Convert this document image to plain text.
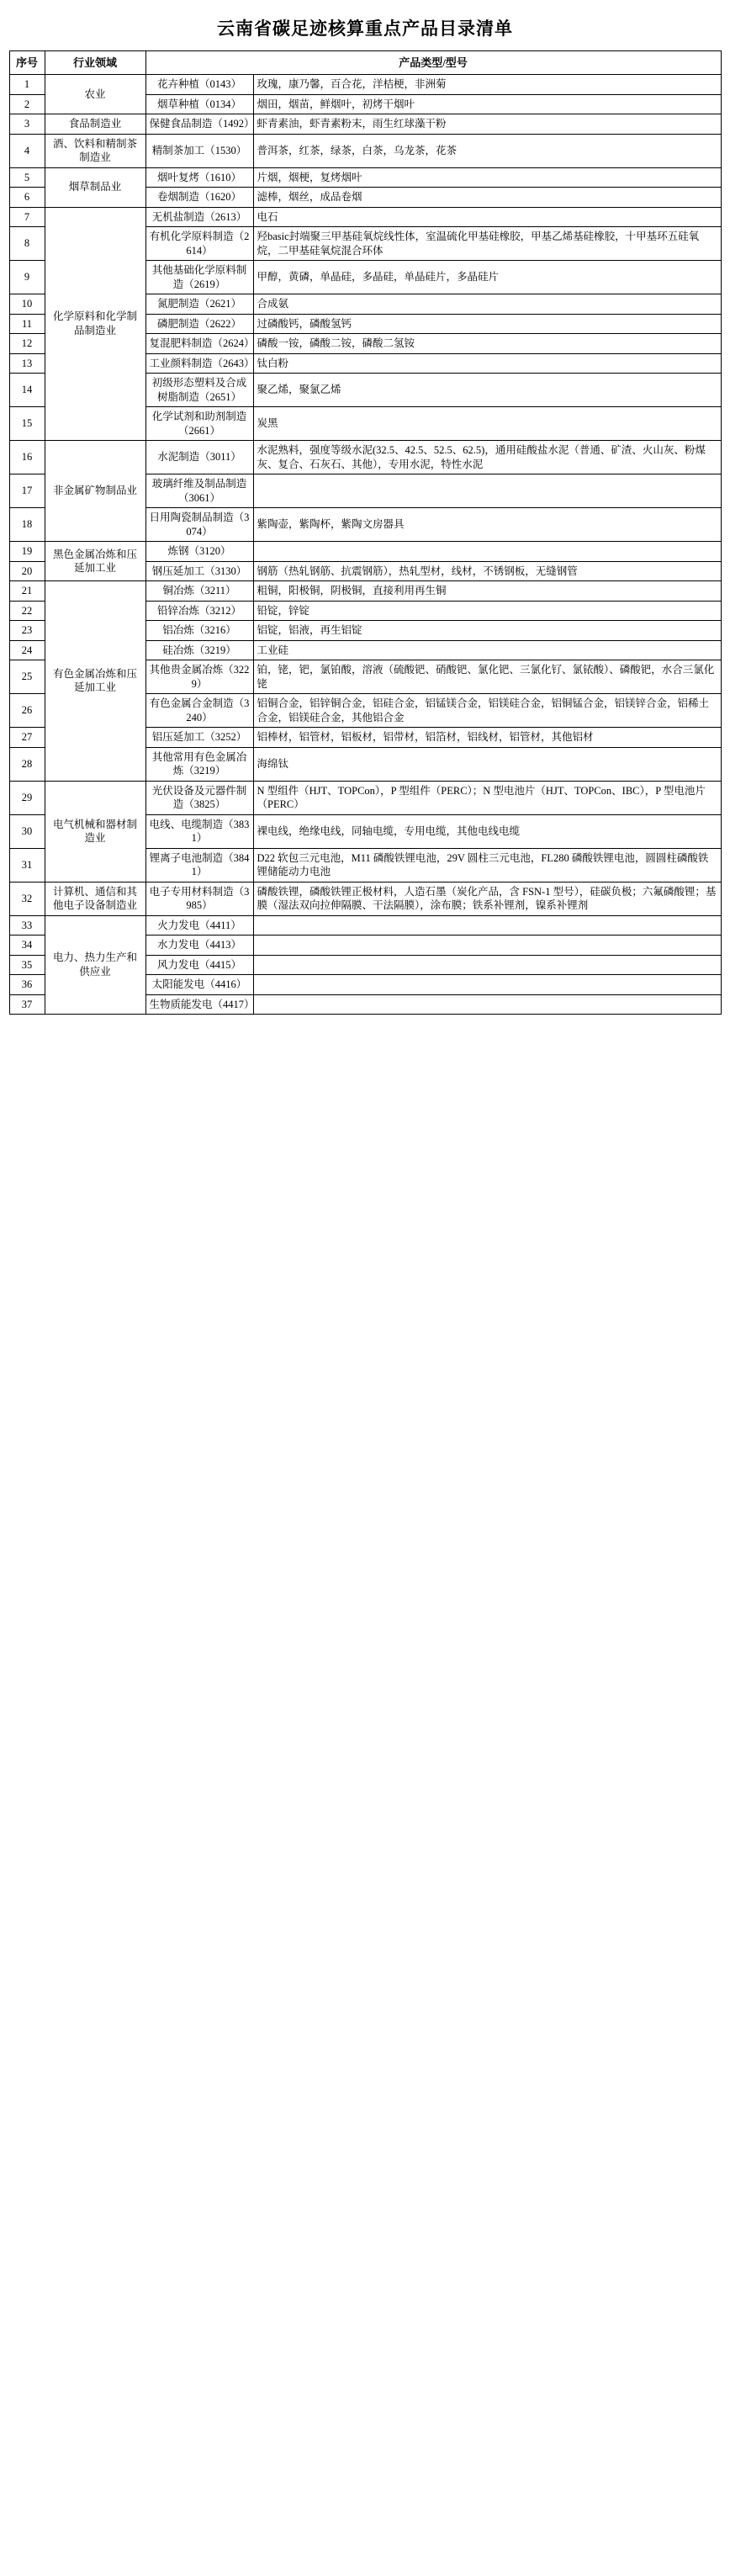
云南省碳足迹核算重点产品目录清单
序号	行业领域	产品类型/型号	
1	农业	花卉种植（0143）	玫瑰，康乃馨，百合花，洋桔梗，非洲菊
2		烟草种植（0134）	烟田，烟苗，鲜烟叶，初烤干烟叶
3	食品制造业	保健食品制造（1492）	虾青素油，虾青素粉末，雨生红球藻干粉
4	酒、饮料和精制茶制造业	精制茶加工（1530）	普洱茶，红茶，绿茶，白茶，乌龙茶，花茶
5	烟草制品业	烟叶复烤（1610）	片烟，烟梗，复烤烟叶
6		卷烟制造（1620）	滤棒，烟丝，成品卷烟
7	化学原料和化学制品制造业	无机盐制造（2613）	电石
8		有机化学原料制造（2614）	羟basic封端聚三甲基硅氧烷线性体，室温硫化甲基硅橡胶，甲基乙烯基硅橡胶，十甲基环五硅氧烷，二甲基硅氧烷混合环体
9		其他基础化学原料制造（2619）	甲醇，黄磷，单晶硅，多晶硅，单晶硅片，多晶硅片
10		氮肥制造（2621）	合成氨
11		磷肥制造（2622）	过磷酸钙，磷酸氢钙
12		复混肥料制造（2624）	磷酸一铵，磷酸二铵，磷酸二氢铵
13		工业颜料制造（2643）	钛白粉
14		初级形态塑料及合成树脂制造（2651）	聚乙烯，聚氯乙烯
15		化学试剂和助剂制造 （2661）	炭黑
16	非金属矿物制品业	水泥制造（3011）	水泥熟料，强度等级水泥(32.5、42.5、52.5、62.5)，通用硅酸盐水泥（普通、矿渣、火山灰、粉煤灰、复合、石灰石、其他），专用水泥，特性水泥
17		玻璃纤维及制品制造 （3061）	
18		日用陶瓷制品制造（3074）	紫陶壶，紫陶杯，紫陶文房器具
19	黑色金属冶炼和压延加工业	炼钢（3120）	
20		钢压延加工（3130）	钢筋（热轧钢筋、抗震钢筋），热轧型材，线材，不锈钢板，无缝钢管
21	有色金属冶炼和压延加工业	铜冶炼（3211）	粗铜，阳极铜，阴极铜，直接利用再生铜
22		铅锌冶炼（3212）	铅锭，锌锭
23		铝冶炼（3216）	铝锭，铝液，再生铝锭
24		硅冶炼（3219）	工业硅
25		其他贵金属冶炼（3229）	铂，铑，钯，氯铂酸，溶液（硫酸钯、硝酸钯、氯化钯、三氯化钌、氯铱酸）、磷酸钯，水合三氯化铑
26		有色金属合金制造（3240）	铝铜合金，铝锌铜合金，铝硅合金，铝锰镁合金，铝镁硅合金，铝铜锰合金，铝镁锌合金，铝稀土合金，铝镁硅合金，其他铝合金
27		铝压延加工（3252）	铝棒材，铝管材，铝板材，铝带材，铝箔材，铝线材，铝管材，其他铝材
28		其他常用有色金属冶炼（3219）	海绵钛
29	电气机械和器材制造业	光伏设备及元器件制造（3825）	N 型组件（HJT、TOPCon），P 型组件（PERC）；N 型电池片（HJT、TOPCon、IBC），P 型电池片（PERC）
30		电线、电缆制造（3831）	裸电线，绝缘电线，同轴电缆，专用电缆，其他电线电缆
31		锂离子电池制造（3841）	D22 软包三元电池，M11 磷酸铁锂电池，29V 圆柱三元电池，FL280 磷酸铁锂电池，圆圆柱磷酸铁锂储能动力电池
32	计算机、通信和其他电子设备制造业	电子专用材料制造（3985）	磷酸铁锂，磷酸铁锂正极材料，人造石墨（炭化产品，含 FSN-1 型号），硅碳负极；六氟磷酸锂；基膜（湿法双向拉伸隔膜、干法隔膜），涂布膜；铁系补锂剂，镍系补锂剂
33	电力、热力生产和供应业	火力发电（4411）	
34		水力发电（4413）	
35		风力发电（4415）	
36		太阳能发电（4416）	
37		生物质能发电（4417）	
